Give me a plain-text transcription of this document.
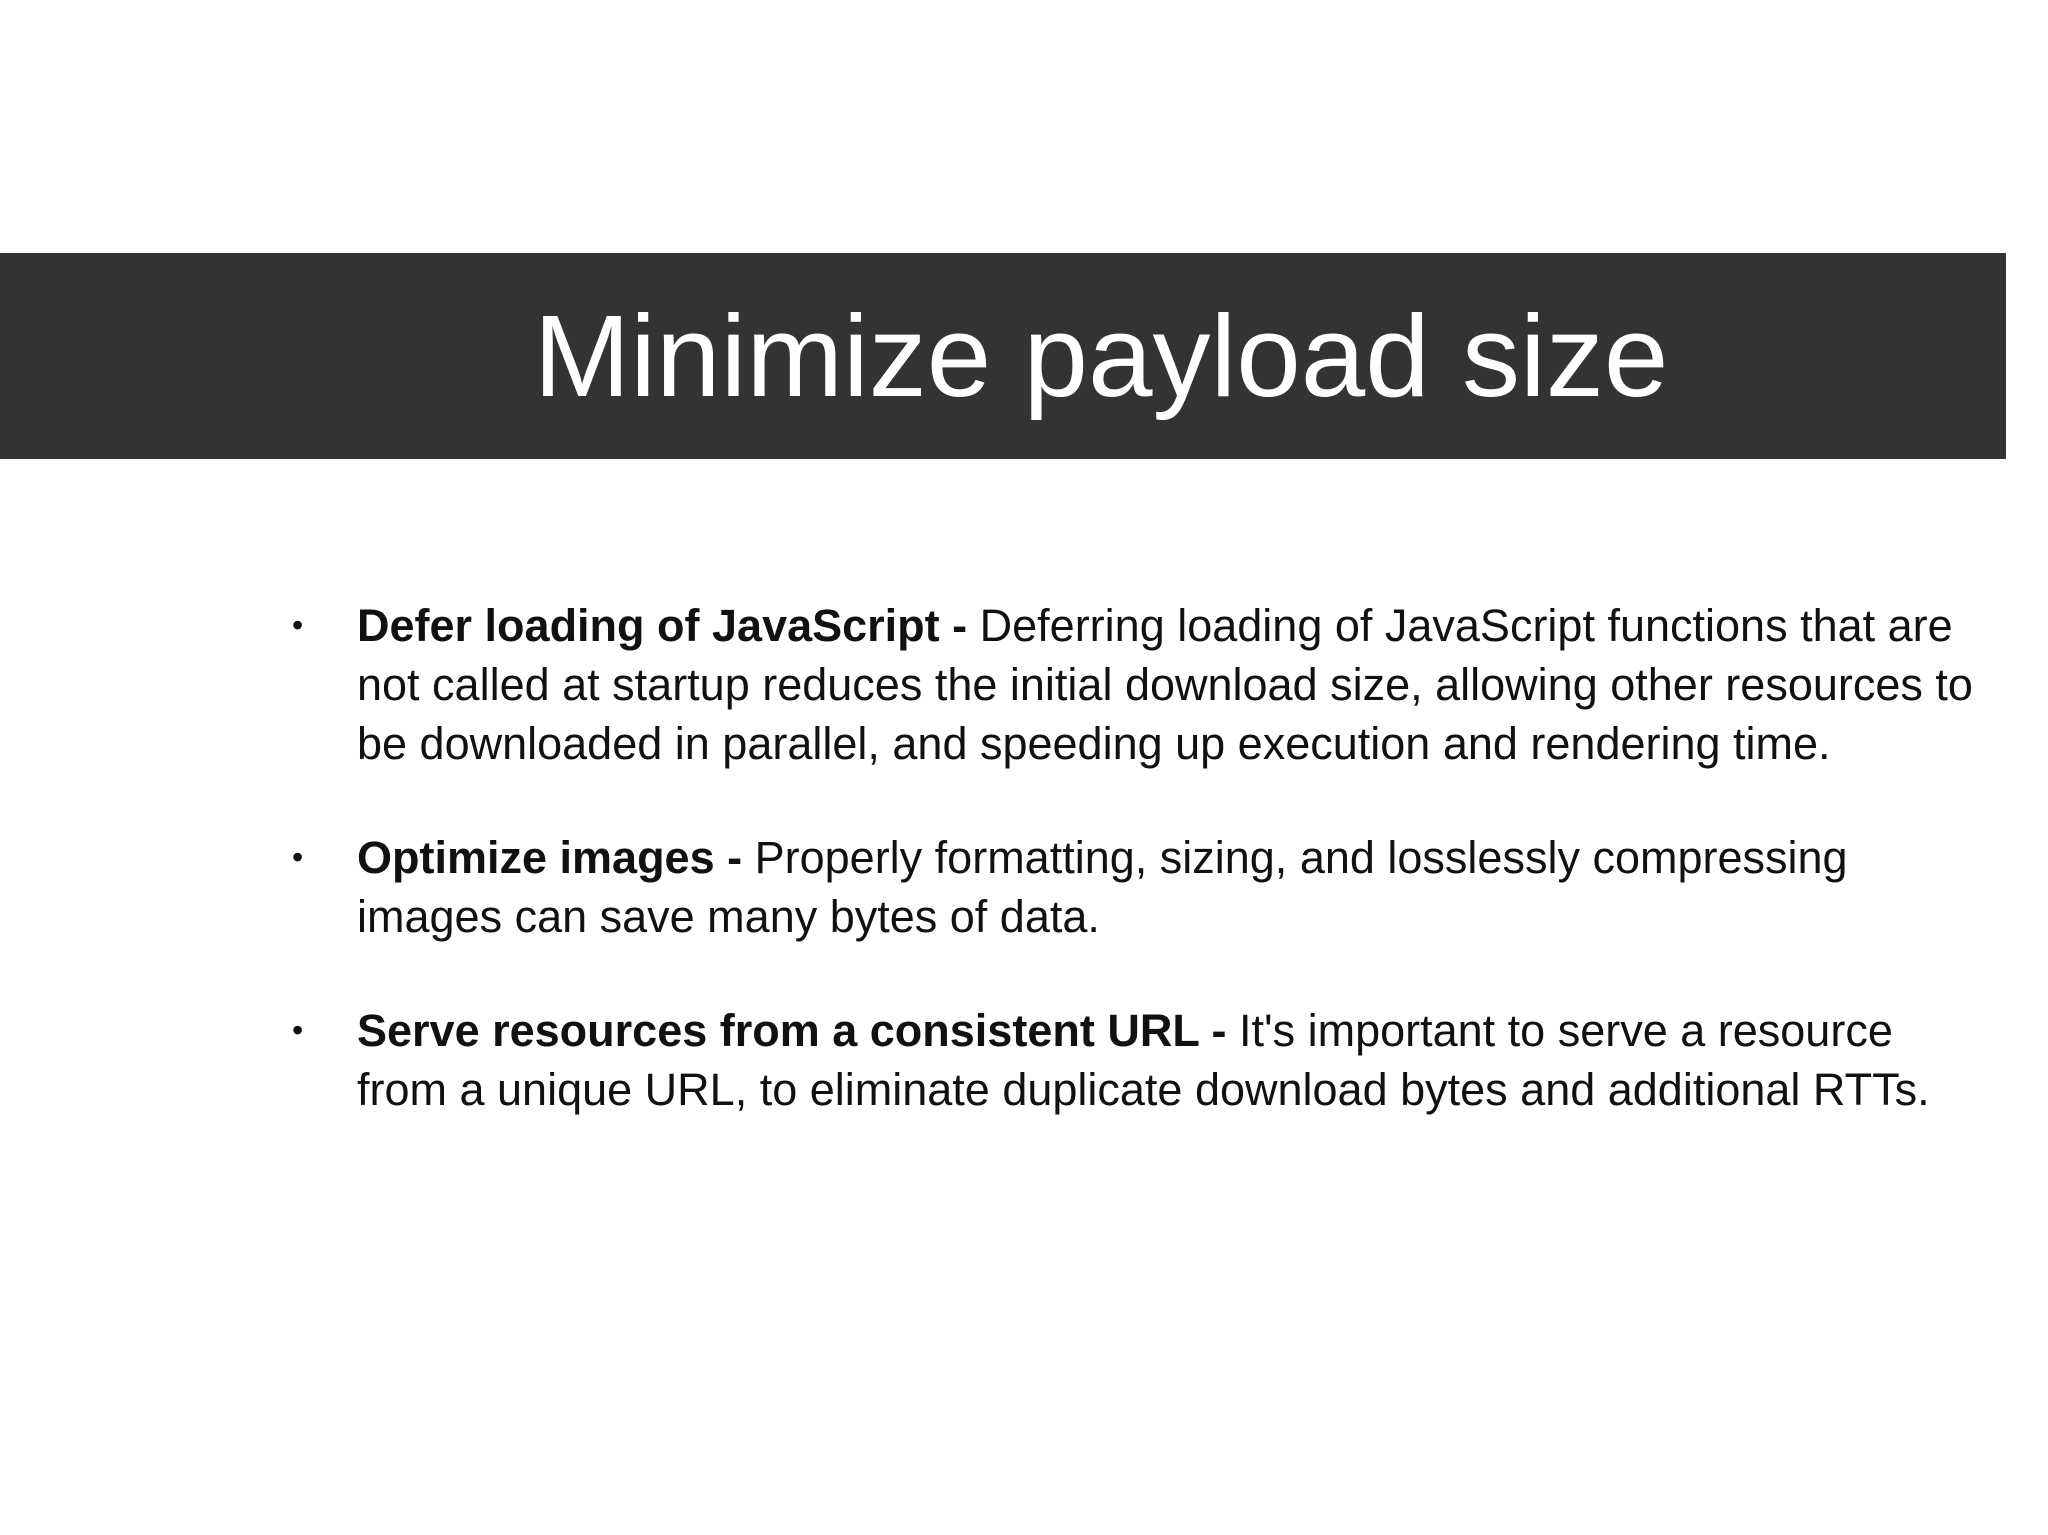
Minimize payload size
• Defer loading of JavaScript - Deferring loading of JavaScript functions that are not called at startup reduces the initial download size, allowing other resources to be downloaded in parallel, and speeding up execution and rendering time.
• Optimize images - Properly formatting, sizing, and losslessly compressing images can save many bytes of data.
• Serve resources from a consistent URL - It's important to serve a resource from a unique URL, to eliminate duplicate download bytes and additional RTTs.
